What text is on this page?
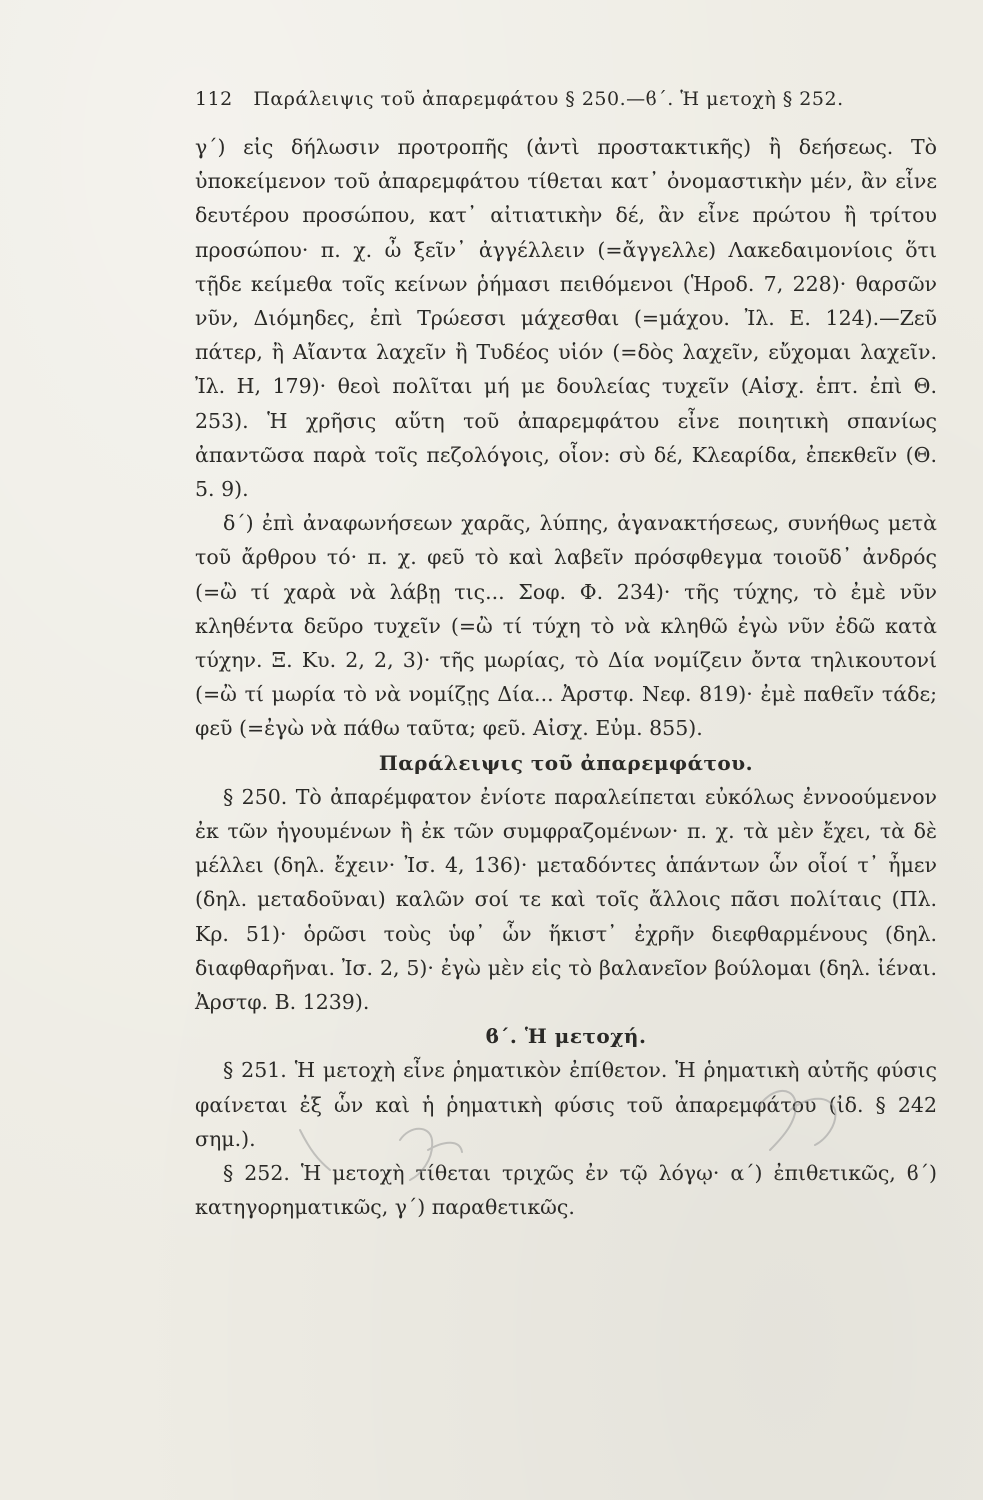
112 Παράλειψις τοῦ ἀπαρεμφάτου § 250.—ϐ΄. Ἡ μετοχὴ § 252.

γ΄) εἰς δήλωσιν προτροπῆς (ἀντὶ προστακτικῆς) ἢ δεήσεως. Τὸ ὑποκείμενον τοῦ ἀπαρεμφάτου τίθεται κατ᾽ ὀνομαστικὴν μέν, ἂν εἶνε δευτέρου προσώπου, κατ᾽ αἰτιατικὴν δέ, ἂν εἶνε πρώτου ἢ τρίτου προσώπου· π. χ. ὦ ξεῖν᾽ ἀγγέλλειν (=ἄγγελλε) Λακεδαιμονίοις ὅτι τῇδε κείμεθα τοῖς κείνων ῥήμασι πειθόμενοι (Ἡροδ. 7, 228)· θαρσῶν νῦν, Διόμηδες, ἐπὶ Τρώεσσι μάχεσθαι (=μάχου. Ἰλ. Ε. 124).—Ζεῦ πάτερ, ἢ Αἴαντα λαχεῖν ἢ Τυδέος υἱόν (=δὸς λαχεῖν, εὔχομαι λαχεῖν. Ἰλ. Η, 179)· θεοὶ πολῖται μή με δουλείας τυχεῖν (Αἰσχ. ἑπτ. ἐπὶ Θ. 253). Ἡ χρῆσις αὕτη τοῦ ἀπαρεμφάτου εἶνε ποιητικὴ σπανίως ἀπαντῶσα παρὰ τοῖς πεζολόγοις, οἷον: σὺ δέ, Κλεαρίδα, ἐπεκθεῖν (Θ. 5. 9).

δ΄) ἐπὶ ἀναφωνήσεων χαρᾶς, λύπης, ἀγανακτήσεως, συνήθως μετὰ τοῦ ἄρθρου τό· π. χ. φεῦ τὸ καὶ λαβεῖν πρόσφθεγμα τοιοῦδ᾽ ἀνδρός (=ὢ τί χαρὰ νὰ λάβῃ τις... Σοφ. Φ. 234)· τῆς τύχης, τὸ ἐμὲ νῦν κληθέντα δεῦρο τυχεῖν (=ὢ τί τύχη τὸ νὰ κληθῶ ἐγὼ νῦν ἐδῶ κατὰ τύχην. Ξ. Κυ. 2, 2, 3)· τῆς μωρίας, τὸ Δία νομίζειν ὄντα τηλικουτονί (=ὢ τί μωρία τὸ νὰ νομίζῃς Δία... Ἀρστφ. Νεφ. 819)· ἐμὲ παθεῖν τάδε; φεῦ (=ἐγὼ νὰ πάθω ταῦτα; φεῦ. Αἰσχ. Εὐμ. 855).

Παράλειψις τοῦ ἀπαρεμφάτου.

§ 250. Τὸ ἀπαρέμφατον ἐνίοτε παραλείπεται εὐκόλως ἐννοούμενον ἐκ τῶν ἡγουμένων ἢ ἐκ τῶν συμφραζομένων· π. χ. τὰ μὲν ἔχει, τὰ δὲ μέλλει (δηλ. ἔχειν· Ἰσ. 4, 136)· μεταδόντες ἁπάντων ὧν οἷοί τ᾽ ἦμεν (δηλ. μεταδοῦναι) καλῶν σοί τε καὶ τοῖς ἄλλοις πᾶσι πολίταις (Πλ. Κρ. 51)· ὁρῶσι τοὺς ὑφ᾽ ὧν ἥκιστ᾽ ἐχρῆν διεφθαρμένους (δηλ. διαφθαρῆναι. Ἰσ. 2, 5)· ἐγὼ μὲν εἰς τὸ βαλανεῖον βούλομαι (δηλ. ἰέναι. Ἀρστφ. Β. 1239).

ϐ΄. Ἡ μετοχή.

§ 251. Ἡ μετοχὴ εἶνε ῥηματικὸν ἐπίθετον. Ἡ ῥηματικὴ αὐτῆς φύσις φαίνεται ἐξ ὧν καὶ ἡ ῥηματικὴ φύσις τοῦ ἀπαρεμφάτου (ἰδ. § 242 σημ.).

§ 252. Ἡ μετοχὴ τίθεται τριχῶς ἐν τῷ λόγῳ· α΄) ἐπιθετικῶς, ϐ΄) κατηγορηματικῶς, γ΄) παραθετικῶς.
